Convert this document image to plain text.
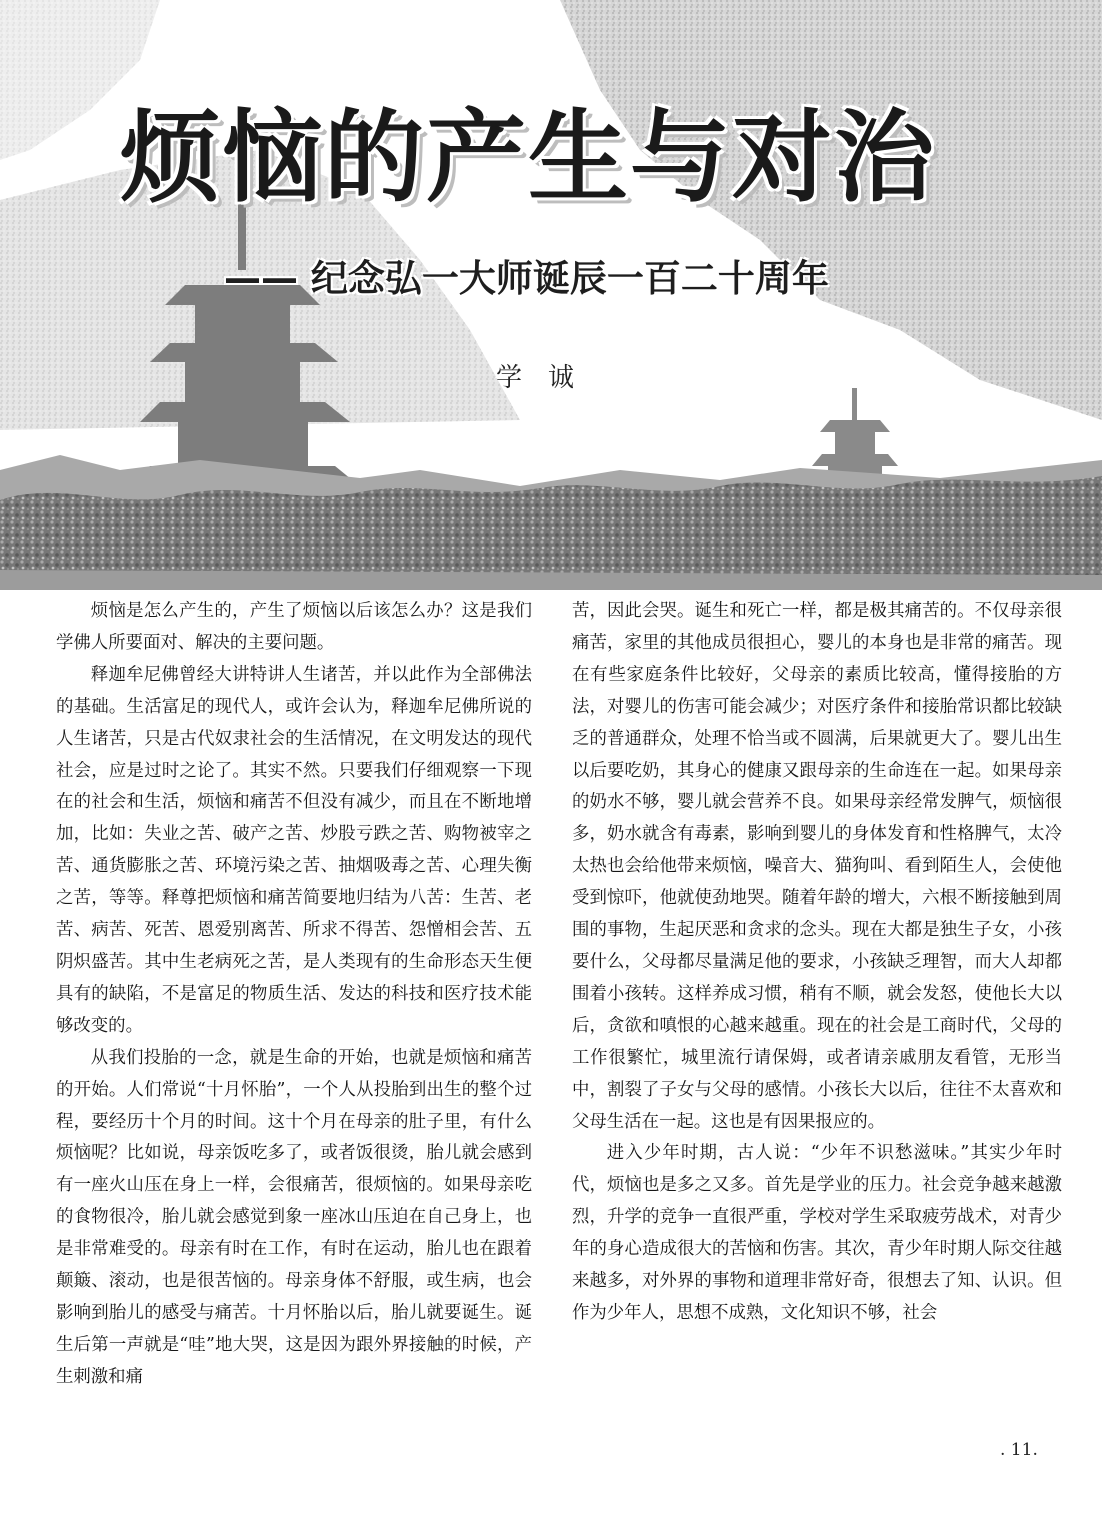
烦恼的产生与对治
—— 纪念弘一大师诞辰一百二十周年
学　诚

烦恼是怎么产生的，产生了烦恼以后该怎么办？这是我们学佛人所要面对、解决的主要问题。

释迦牟尼佛曾经大讲特讲人生诸苦，并以此作为全部佛法的基础。生活富足的现代人，或许会认为，释迦牟尼佛所说的人生诸苦，只是古代奴隶社会的生活情况，在文明发达的现代社会，应是过时之论了。其实不然。只要我们仔细观察一下现在的社会和生活，烦恼和痛苦不但没有减少，而且在不断地增加，比如：失业之苦、破产之苦、炒股亏跌之苦、购物被宰之苦、通货膨胀之苦、环境污染之苦、抽烟吸毒之苦、心理失衡之苦，等等。释尊把烦恼和痛苦简要地归结为八苦：生苦、老苦、病苦、死苦、恩爱别离苦、所求不得苦、怨憎相会苦、五阴炽盛苦。其中生老病死之苦，是人类现有的生命形态天生便具有的缺陷，不是富足的物质生活、发达的科技和医疗技术能够改变的。

从我们投胎的一念，就是生命的开始，也就是烦恼和痛苦的开始。人们常说“十月怀胎”，一个人从投胎到出生的整个过程，要经历十个月的时间。这十个月在母亲的肚子里，有什么烦恼呢？比如说，母亲饭吃多了，或者饭很烫，胎儿就会感到有一座火山压在身上一样，会很痛苦，很烦恼的。如果母亲吃的食物很冷，胎儿就会感觉到象一座冰山压迫在自己身上，也是非常难受的。母亲有时在工作，有时在运动，胎儿也在跟着颠簸、滚动，也是很苦恼的。母亲身体不舒服，或生病，也会影响到胎儿的感受与痛苦。十月怀胎以后，胎儿就要诞生。诞生后第一声就是“哇”地大哭，这是因为跟外界接触的时候，产生刺激和痛

苦，因此会哭。诞生和死亡一样，都是极其痛苦的。不仅母亲很痛苦，家里的其他成员很担心，婴儿的本身也是非常的痛苦。现在有些家庭条件比较好，父母亲的素质比较高，懂得接胎的方法，对婴儿的伤害可能会减少；对医疗条件和接胎常识都比较缺乏的普通群众，处理不恰当或不圆满，后果就更大了。婴儿出生以后要吃奶，其身心的健康又跟母亲的生命连在一起。如果母亲的奶水不够，婴儿就会营养不良。如果母亲经常发脾气，烦恼很多，奶水就含有毒素，影响到婴儿的身体发育和性格脾气，太冷太热也会给他带来烦恼，噪音大、猫狗叫、看到陌生人，会使他受到惊吓，他就使劲地哭。随着年龄的增大，六根不断接触到周围的事物，生起厌恶和贪求的念头。现在大都是独生子女，小孩要什么，父母都尽量满足他的要求，小孩缺乏理智，而大人却都围着小孩转。这样养成习惯，稍有不顺，就会发怒，使他长大以后，贪欲和嗔恨的心越来越重。现在的社会是工商时代，父母的工作很繁忙，城里流行请保姆，或者请亲戚朋友看管，无形当中，割裂了子女与父母的感情。小孩长大以后，往往不太喜欢和父母生活在一起。这也是有因果报应的。

进入少年时期，古人说：“少年不识愁滋味。”其实少年时代，烦恼也是多之又多。首先是学业的压力。社会竞争越来越激烈，升学的竞争一直很严重，学校对学生采取疲劳战术，对青少年的身心造成很大的苦恼和伤害。其次，青少年时期人际交往越来越多，对外界的事物和道理非常好奇，很想去了知、认识。但作为少年人，思想不成熟，文化知识不够，社会

. 11.
